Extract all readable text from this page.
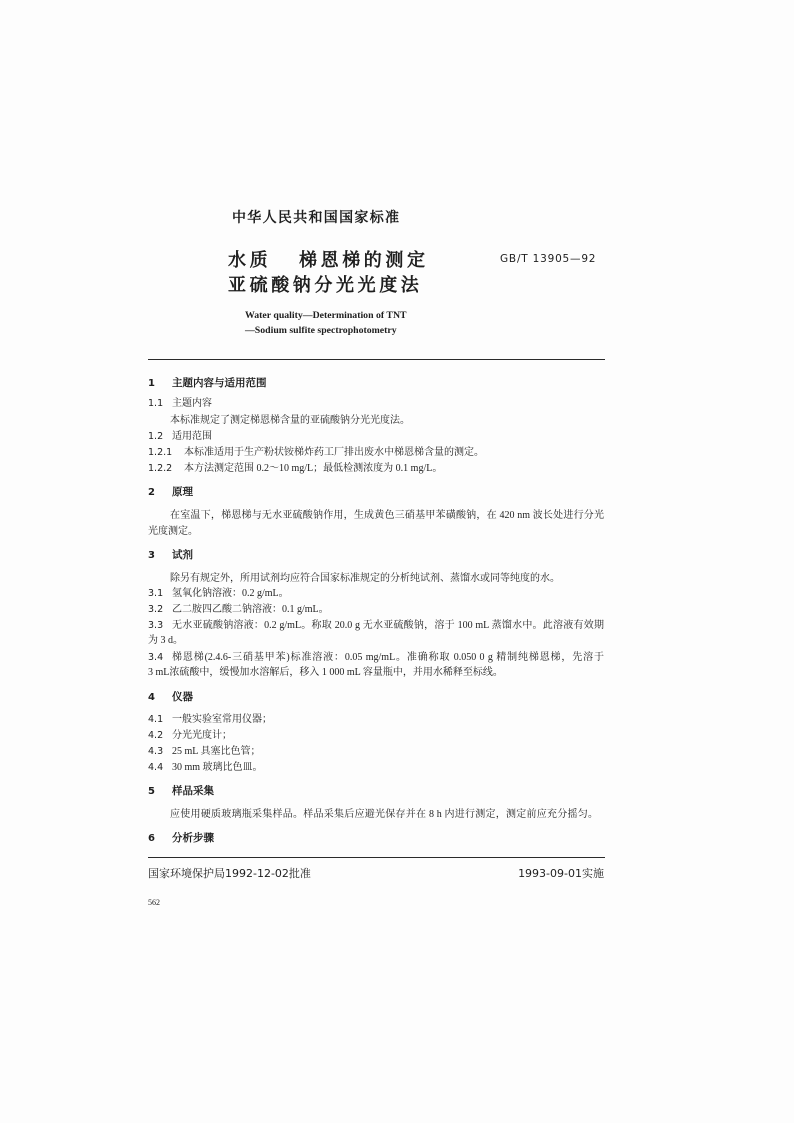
中华人民共和国国家标准
水质 梯恩梯的测定
亚硫酸钠分光光度法
GB/T 13905—92
Water quality—Determination of TNT
—Sodium sulfite spectrophotometry
1 主题内容与适用范围
1.1 主题内容
本标准规定了测定梯恩梯含量的亚硫酸钠分光光度法。
1.2 适用范围
1.2.1 本标准适用于生产粉状铵梯炸药工厂排出废水中梯恩梯含量的测定。
1.2.2 本方法测定范围 0.2～10 mg/L；最低检测浓度为 0.1 mg/L。
2 原理
在室温下，梯恩梯与无水亚硫酸钠作用，生成黄色三硝基甲苯磺酸钠，在 420 nm 波长处进行分光
光度测定。
3 试剂
除另有规定外，所用试剂均应符合国家标准规定的分析纯试剂、蒸馏水或同等纯度的水。
3.1 氢氧化钠溶液：0.2 g/mL。
3.2 乙二胺四乙酸二钠溶液：0.1 g/mL。
3.3 无水亚硫酸钠溶液：0.2 g/mL。称取 20.0 g 无水亚硫酸钠，溶于 100 mL 蒸馏水中。此溶液有效期
为 3 d。
3.4 梯恩梯(2.4.6-三硝基甲苯)标准溶液：0.05 mg/mL。准确称取 0.050 0 g 精制纯梯恩梯，先溶于
3 mL浓硫酸中，缓慢加水溶解后，移入 1 000 mL 容量瓶中，并用水稀释至标线。
4 仪器
4.1 一般实验室常用仪器；
4.2 分光光度计；
4.3 25 mL 具塞比色管；
4.4 30 mm 玻璃比色皿。
5 样品采集
应使用硬质玻璃瓶采集样品。样品采集后应避光保存并在 8 h 内进行测定，测定前应充分摇匀。
6 分析步骤
国家环境保护局1992-12-02批准	1993-09-01实施
562
